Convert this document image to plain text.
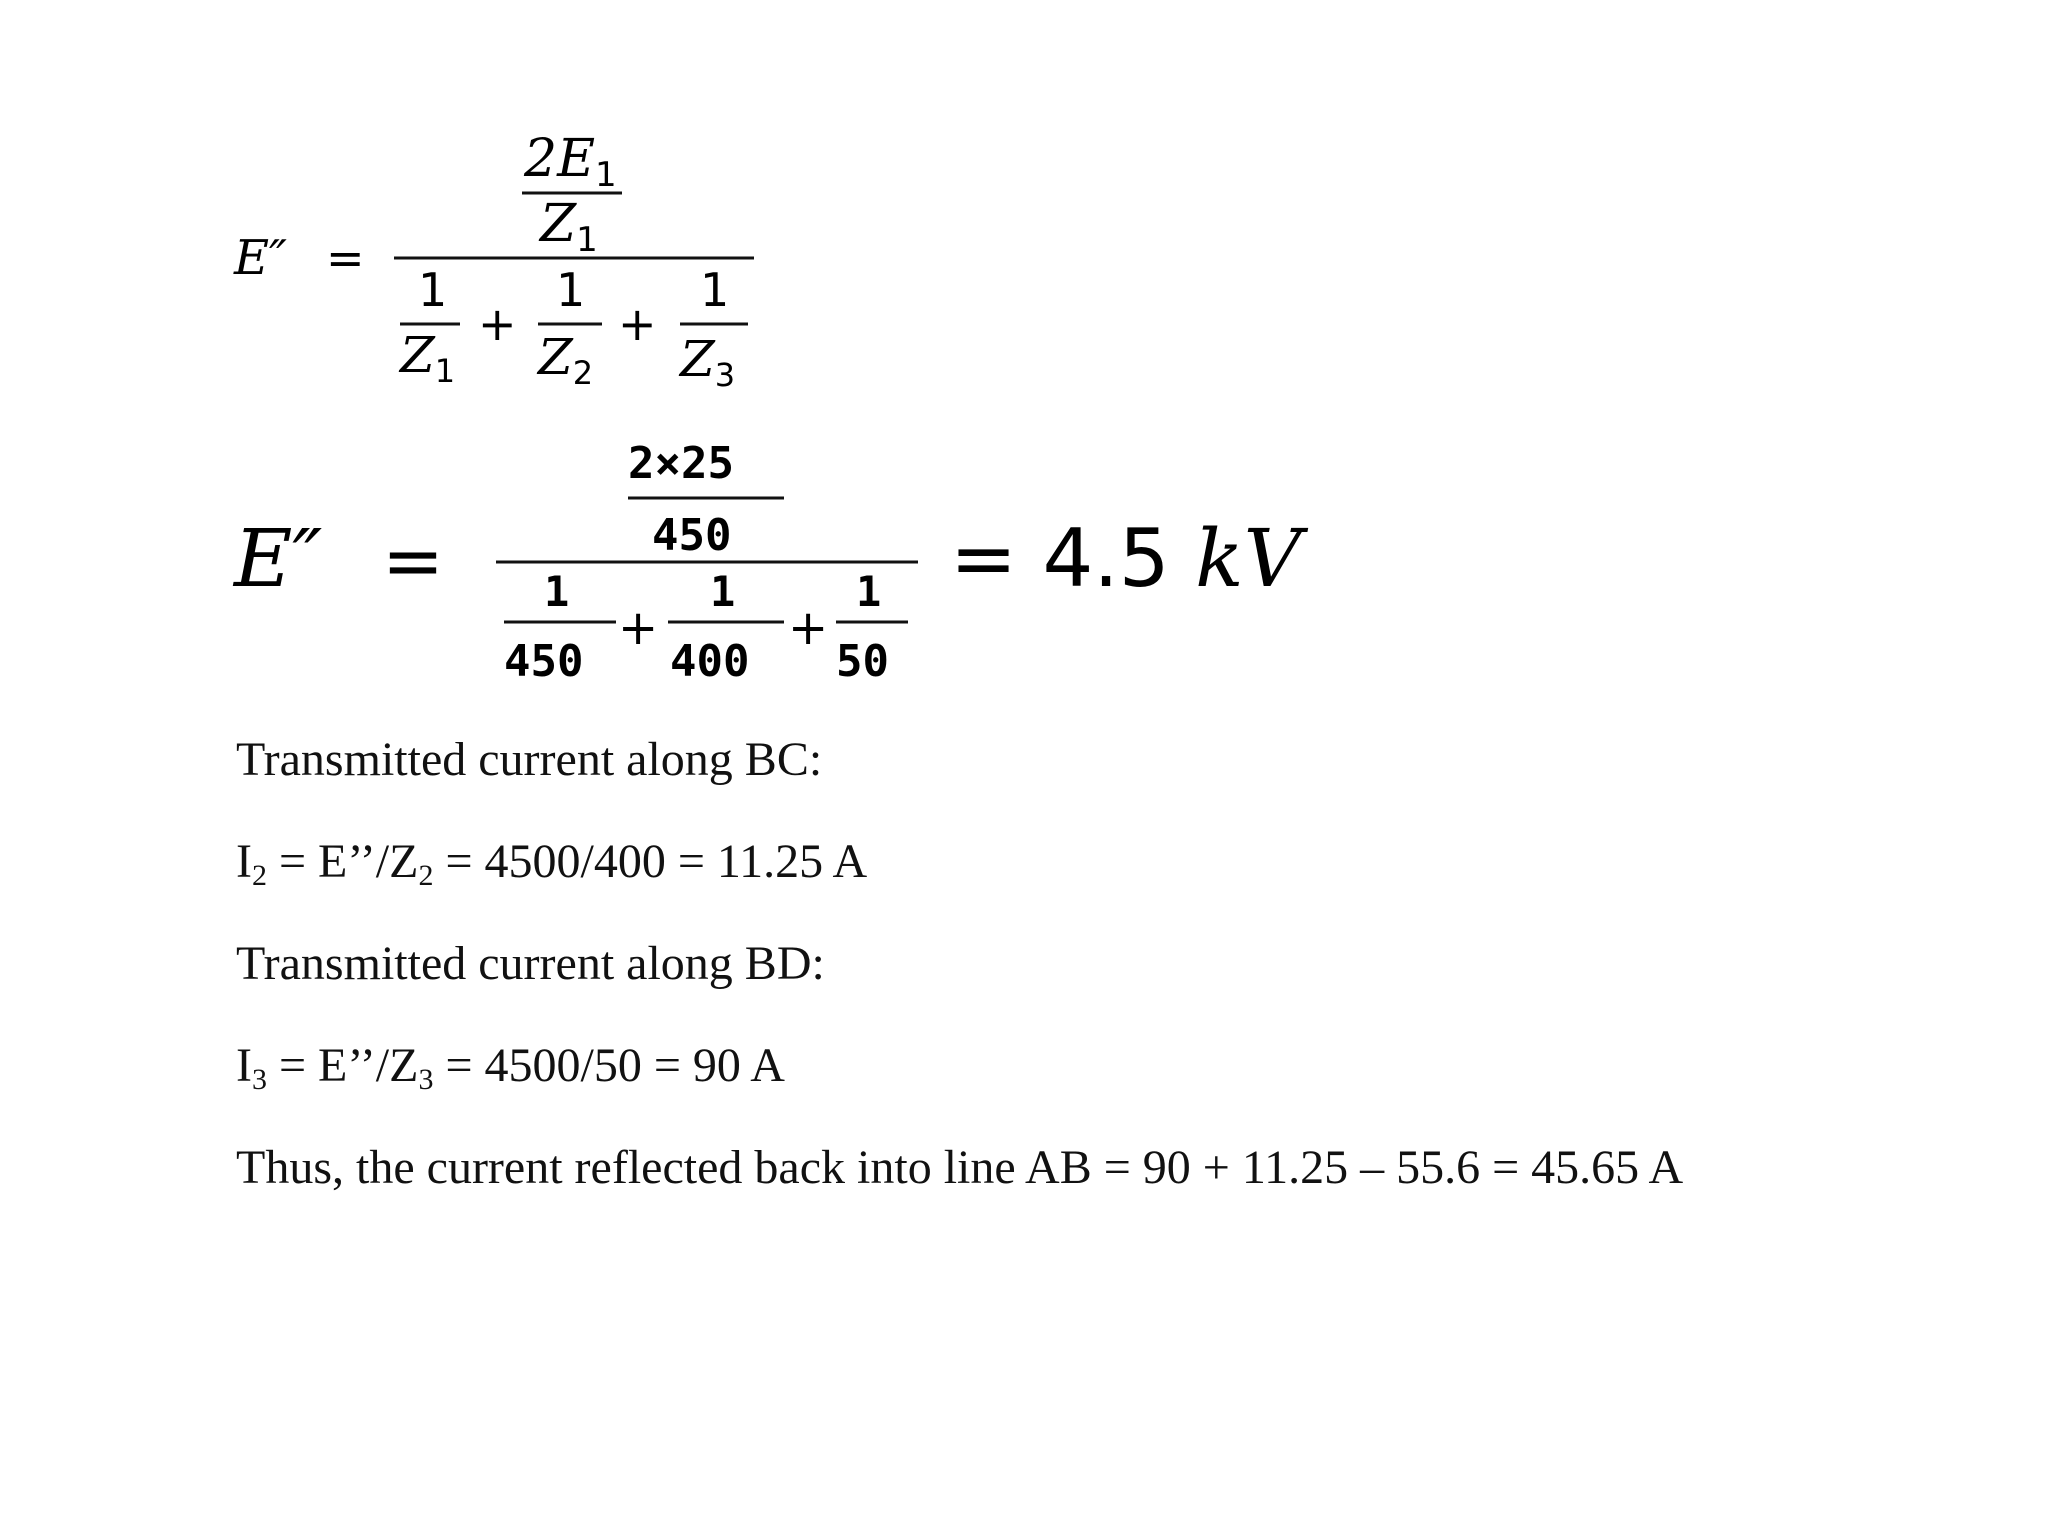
E″ =
2E1
Z1
1
$Z_1$
+
1
$Z_2$
+
1
$Z_3$
E″ =
2×25
450
1
450
+
1
400
+
1
50
= 4.5 kV
Transmitted current along BC:
$I_2$ = $E’’/Z_2 = 4500/400 = 11.25$ A
Transmitted current along BD:
$I_3$ = $E’’/Z_3 = 4500/50 = 90$ A
Thus, the current reflected back into line AB = 90 + 11.25 – 55.6 = 45.65 A
